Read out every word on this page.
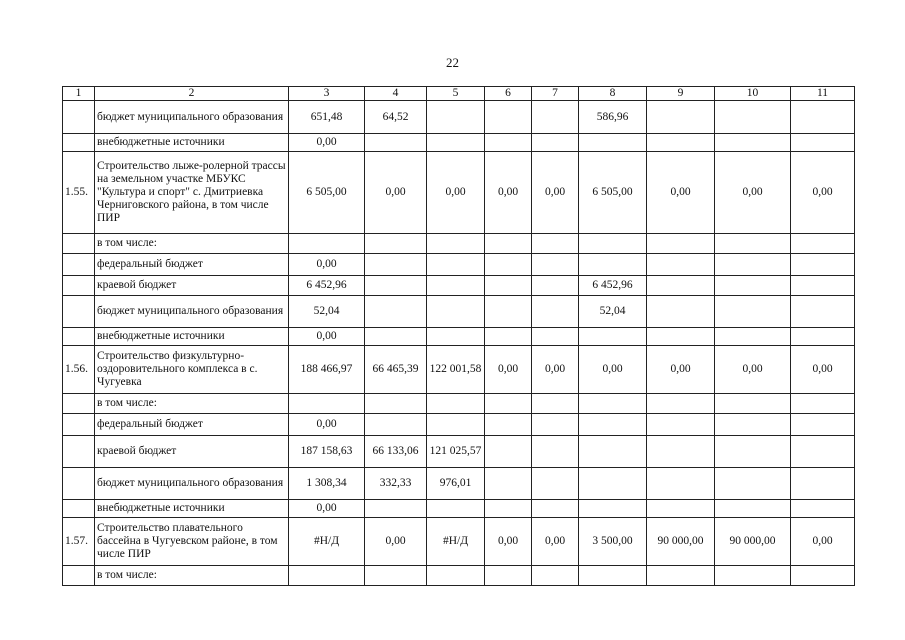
22
1	2	3	4	5	6	7	8	9	10	11
	бюджет муниципального образования	651,48	64,52				586,96			
	внебюджетные источники	0,00								
1.55.	Строительство лыже-ролерной трассы на земельном участке МБУКС "Культура и спорт" с. Дмитриевка Черниговского района, в том числе ПИР	6 505,00	0,00	0,00	0,00	0,00	6 505,00	0,00	0,00	0,00
	в том числе:									
	федеральный бюджет	0,00								
	краевой бюджет	6 452,96					6 452,96			
	бюджет муниципального образования	52,04					52,04			
	внебюджетные источники	0,00								
1.56.	Строительство физкультурно-оздоровительного комплекса в с. Чугуевка	188 466,97	66 465,39	122 001,58	0,00	0,00	0,00	0,00	0,00	0,00
	в том числе:									
	федеральный бюджет	0,00								
	краевой бюджет	187 158,63	66 133,06	121 025,57						
	бюджет муниципального образования	1 308,34	332,33	976,01						
	внебюджетные источники	0,00								
1.57.	Строительство плавательного бассейна в Чугуевском районе, в том числе ПИР	#Н/Д	0,00	#Н/Д	0,00	0,00	3 500,00	90 000,00	90 000,00	0,00
	в том числе:									
